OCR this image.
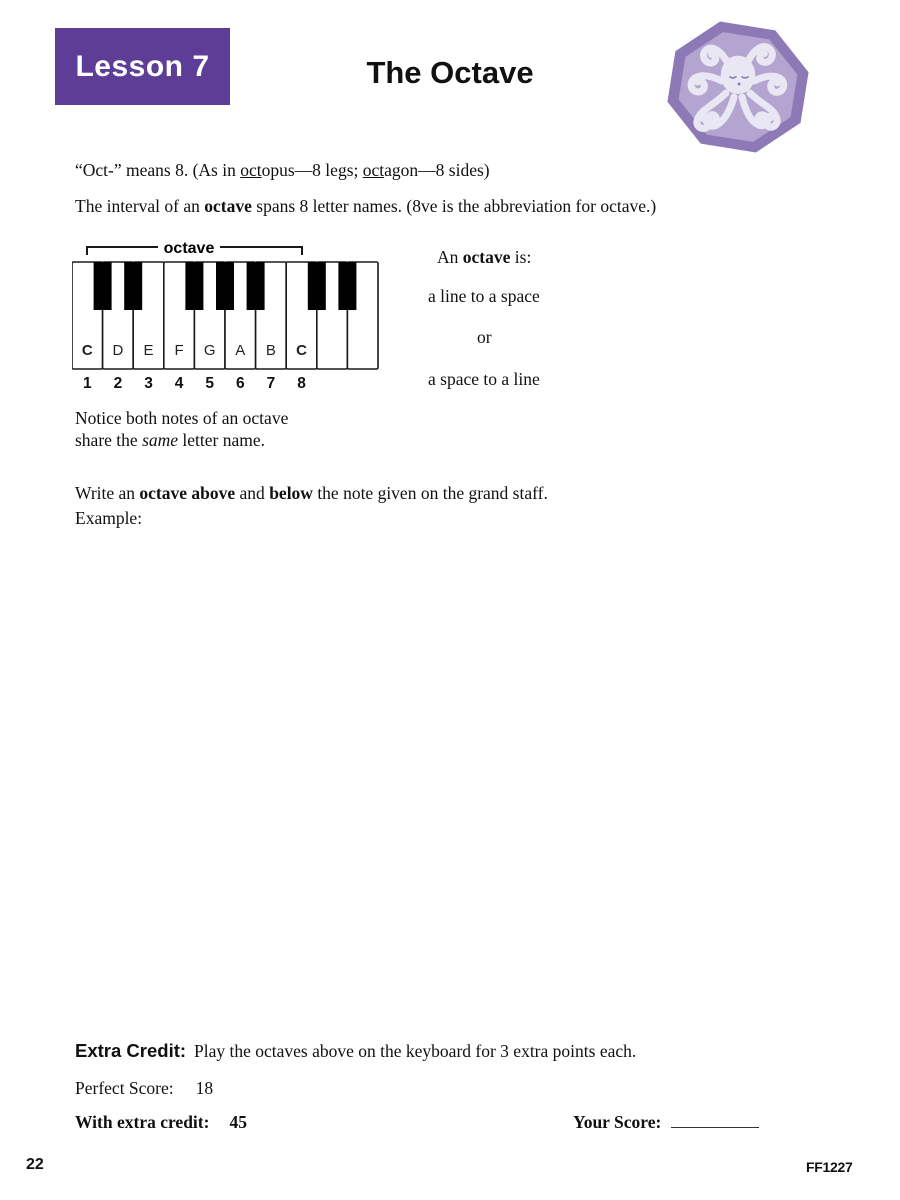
Lesson 7	The Octave
“Oct-” means 8. (As in octopus—8 legs; octagon—8 sides)
The interval of an octave spans 8 letter names. (8ve is the abbreviation for octave.)
octave
C D E F G A B C
1 2 3 4 5 6 7 8
An octave is:
a line to a space
or
a space to a line
Notice both notes of an octave
share the same letter name.
Write an octave above and below the note given on the grand staff.
Example:
Extra Credit: Play the octaves above on the keyboard for 3 extra points each.
Perfect Score: 18
With extra credit: 45	Your Score:
22	FF1227
